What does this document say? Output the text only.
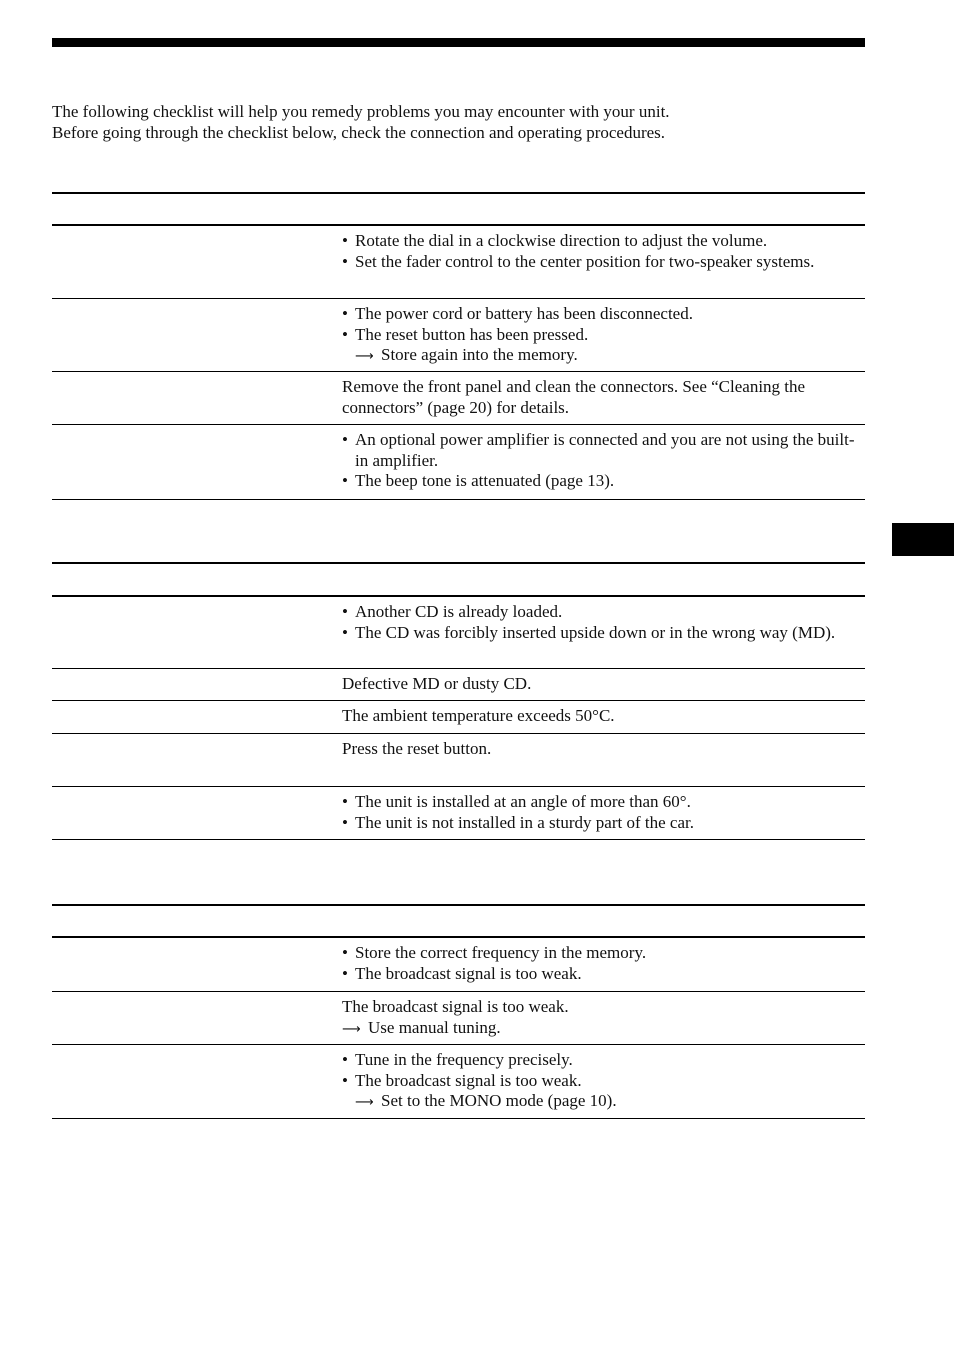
The following checklist will help you remedy problems you may encounter with your unit.

Before going through the checklist below, check the connection and operating procedures.

• Rotate the dial in a clockwise direction to adjust the volume.
• Set the fader control to the center position for two-speaker systems.
• The power cord or battery has been disconnected.
• The reset button has been pressed.
⟶ Store again into the memory.

Remove the front panel and clean the connectors. See “Cleaning the connectors” (page 20) for details.

• An optional power amplifier is connected and you are not using the built-in amplifier.
• The beep tone is attenuated (page 13).
• Another CD is already loaded.
• The CD was forcibly inserted upside down or in the wrong way (MD).

Defective MD or dusty CD.

The ambient temperature exceeds 50°C.

Press the reset button.

• The unit is installed at an angle of more than 60°.
• The unit is not installed in a sturdy part of the car.
• Store the correct frequency in the memory.
• The broadcast signal is too weak.

The broadcast signal is too weak.

⟶ Use manual tuning.
• Tune in the frequency precisely.
• The broadcast signal is too weak.
⟶ Set to the MONO mode (page 10).
